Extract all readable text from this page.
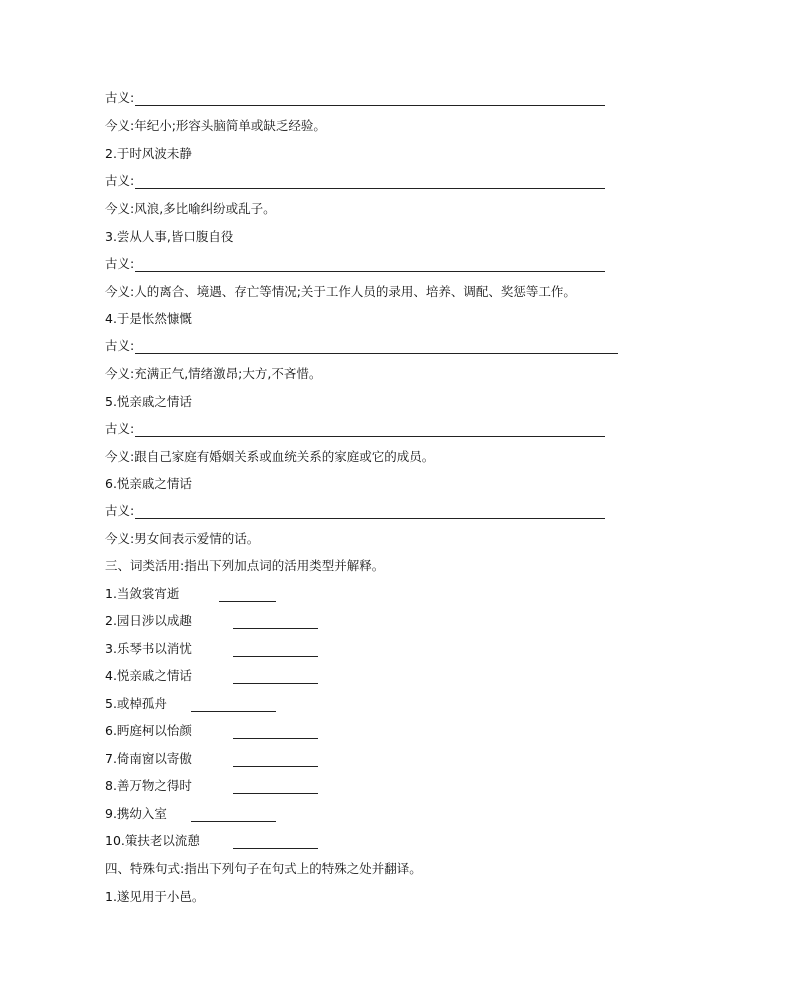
古义:
今义:年纪小;形容头脑简单或缺乏经验。
2.于时风波未静
古义:
今义:风浪,多比喻纠纷或乱子。
3.尝从人事,皆口腹自役
古义:
今义:人的离合、境遇、存亡等情况;关于工作人员的录用、培养、调配、奖惩等工作。
4.于是怅然慷慨
古义:
今义:充满正气,情绪激昂;大方,不吝惜。
5.悦亲戚之情话
古义:
今义:跟自己家庭有婚姻关系或血统关系的家庭或它的成员。
6.悦亲戚之情话
古义:
今义:男女间表示爱情的话。
三、词类活用:指出下列加点词的活用类型并解释。
1.当敛裳宵逝
2.园日涉以成趣
3.乐琴书以消忧
4.悦亲戚之情话
5.或棹孤舟
6.眄庭柯以怡颜
7.倚南窗以寄傲
8.善万物之得时
9.携幼入室
10.策扶老以流憩
四、特殊句式:指出下列句子在句式上的特殊之处并翻译。
1.遂见用于小邑。
